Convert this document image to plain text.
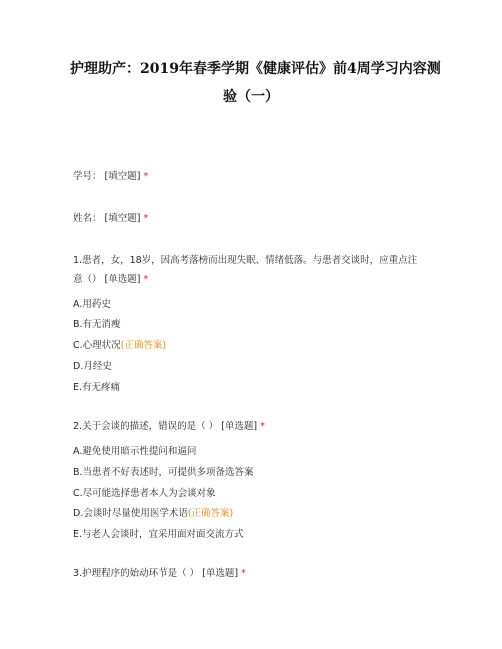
护理助产：2019年春季学期《健康评估》前4周学习内容测
验（一）
学号： [填空题] *
姓名： [填空题] *
1.患者，女，18岁，因高考落榜而出现失眠、情绪低落。与患者交谈时，应重点注
意（） [单选题] *
A.用药史
B.有无消瘦
C.心理状况(正确答案)
D.月经史
E.有无疼痛
2.关于会谈的描述，错误的是（ ） [单选题] *
A.避免使用暗示性提问和逼问
B.当患者不好表述时，可提供多项备选答案
C.尽可能选择患者本人为会谈对象
D.会谈时尽量使用医学术语(正确答案)
E.与老人会谈时，宜采用面对面交流方式
3.护理程序的始动环节是（ ） [单选题] *
